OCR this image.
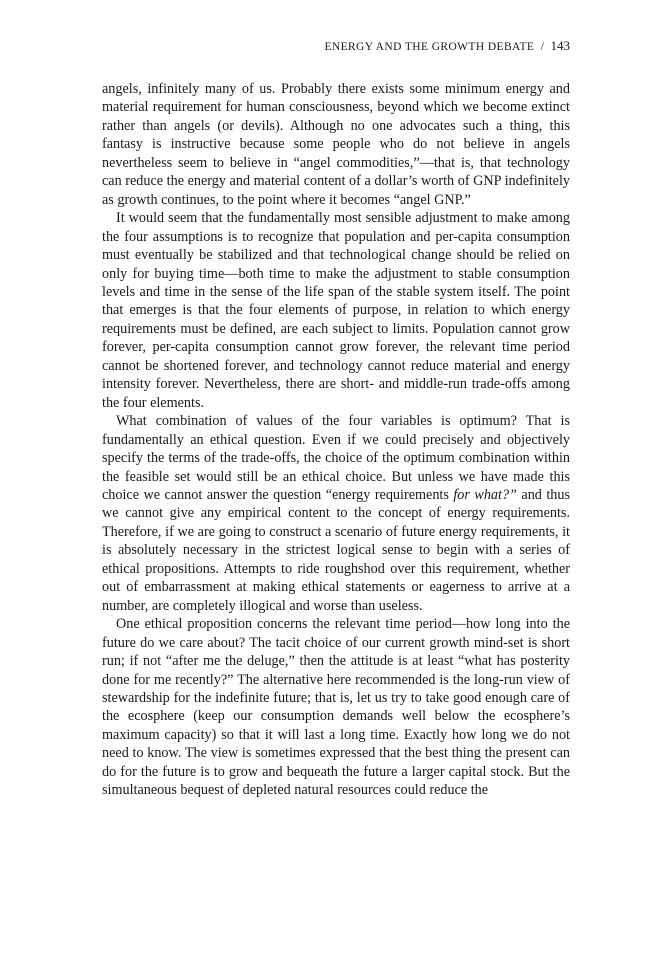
ENERGY AND THE GROWTH DEBATE / 143

angels, infinitely many of us. Probably there exists some minimum energy and material requirement for human consciousness, beyond which we become extinct rather than angels (or devils). Although no one advocates such a thing, this fantasy is instructive because some people who do not believe in angels nevertheless seem to believe in “angel commodities,”—that is, that technology can reduce the energy and material content of a dollar’s worth of GNP indefinitely as growth continues, to the point where it becomes “angel GNP.”

It would seem that the fundamentally most sensible adjustment to make among the four assumptions is to recognize that population and per-capita consumption must eventually be stabilized and that technological change should be relied on only for buying time—both time to make the adjustment to stable consumption levels and time in the sense of the life span of the stable system itself. The point that emerges is that the four elements of purpose, in relation to which energy requirements must be defined, are each subject to limits. Population cannot grow forever, per-capita consumption cannot grow forever, the relevant time period cannot be shortened forever, and technology cannot reduce material and energy intensity forever. Nevertheless, there are short- and middle-run trade-offs among the four elements.

What combination of values of the four variables is optimum? That is fundamentally an ethical question. Even if we could precisely and objectively specify the terms of the trade-offs, the choice of the optimum combination within the feasible set would still be an ethical choice. But unless we have made this choice we cannot answer the question “energy requirements for what?” and thus we cannot give any empirical content to the concept of energy requirements. Therefore, if we are going to construct a scenario of future energy requirements, it is absolutely necessary in the strictest logical sense to begin with a series of ethical propositions. Attempts to ride roughshod over this requirement, whether out of embarrassment at making ethical statements or eagerness to arrive at a number, are completely illogical and worse than useless.

One ethical proposition concerns the relevant time period—how long into the future do we care about? The tacit choice of our current growth mind-set is short run; if not “after me the deluge,” then the attitude is at least “what has posterity done for me recently?” The alternative here recommended is the long-run view of stewardship for the indefinite future; that is, let us try to take good enough care of the ecosphere (keep our consumption demands well below the ecosphere’s maximum capacity) so that it will last a long time. Exactly how long we do not need to know. The view is sometimes expressed that the best thing the present can do for the future is to grow and bequeath the future a larger capital stock. But the simultaneous bequest of depleted natural resources could reduce the
